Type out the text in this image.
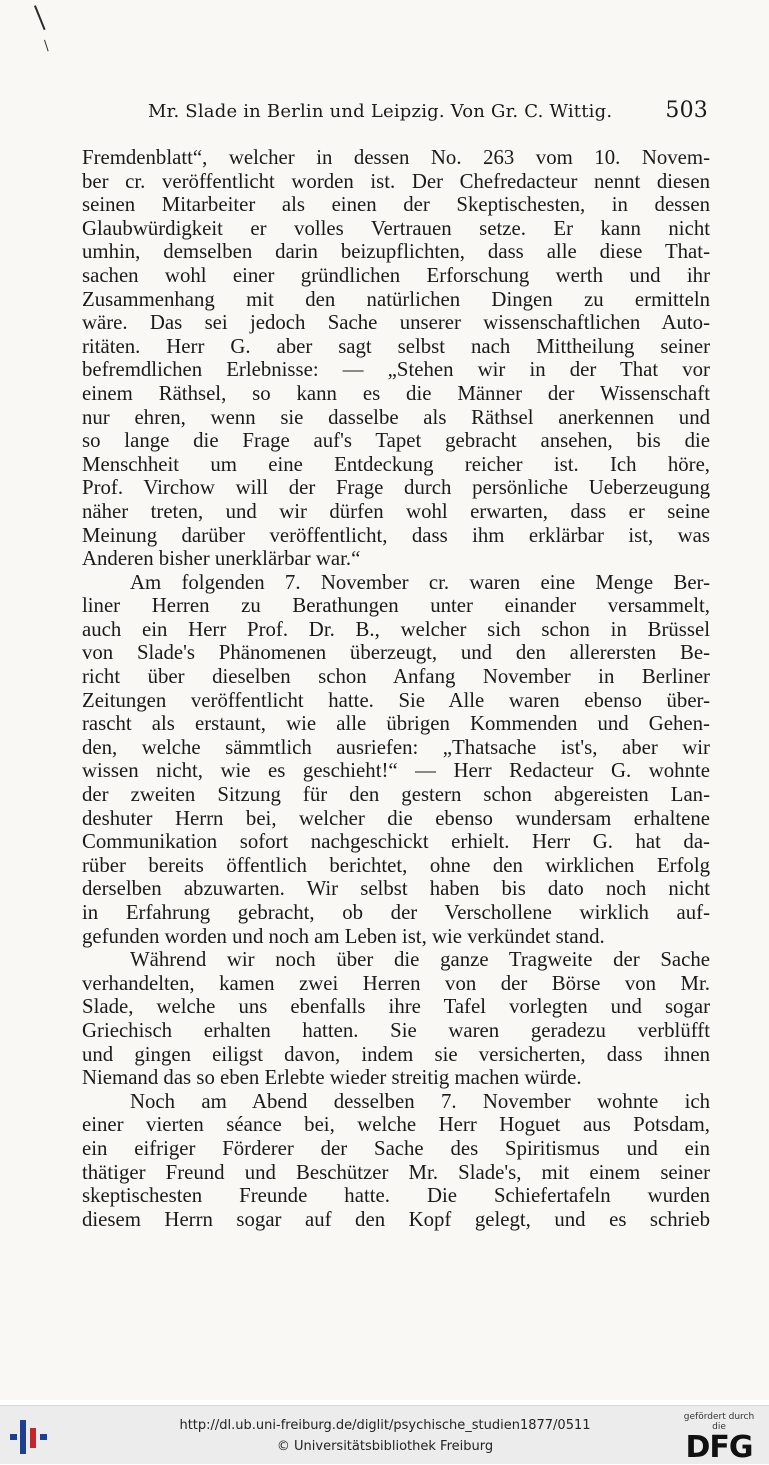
Mr. Slade in Berlin und Leipzig. Von Gr. C. Wittig. 503
Fremdenblatt“, welcher in dessen No. 263 vom 10. Novem-
ber cr. veröffentlicht worden ist. Der Chefredacteur nennt diesen
seinen Mitarbeiter als einen der Skeptischesten, in dessen
Glaubwürdigkeit er volles Vertrauen setze. Er kann nicht
umhin, demselben darin beizupflichten, dass alle diese That-
sachen wohl einer gründlichen Erforschung werth und ihr
Zusammenhang mit den natürlichen Dingen zu ermitteln
wäre. Das sei jedoch Sache unserer wissenschaftlichen Auto-
ritäten. Herr G. aber sagt selbst nach Mittheilung seiner
befremdlichen Erlebnisse: — „Stehen wir in der That vor
einem Räthsel, so kann es die Männer der Wissenschaft
nur ehren, wenn sie dasselbe als Räthsel anerkennen und
so lange die Frage auf's Tapet gebracht ansehen, bis die
Menschheit um eine Entdeckung reicher ist. Ich höre,
Prof. Virchow will der Frage durch persönliche Ueberzeugung
näher treten, und wir dürfen wohl erwarten, dass er seine
Meinung darüber veröffentlicht, dass ihm erklärbar ist, was
Anderen bisher unerklärbar war.“
Am folgenden 7. November cr. waren eine Menge Ber-
liner Herren zu Berathungen unter einander versammelt,
auch ein Herr Prof. Dr. B., welcher sich schon in Brüssel
von Slade's Phänomenen überzeugt, und den allerersten Be-
richt über dieselben schon Anfang November in Berliner
Zeitungen veröffentlicht hatte. Sie Alle waren ebenso über-
rascht als erstaunt, wie alle übrigen Kommenden und Gehen-
den, welche sämmtlich ausriefen: „Thatsache ist's, aber wir
wissen nicht, wie es geschieht!“ — Herr Redacteur G. wohnte
der zweiten Sitzung für den gestern schon abgereisten Lan-
deshuter Herrn bei, welcher die ebenso wundersam erhaltene
Communikation sofort nachgeschickt erhielt. Herr G. hat da-
rüber bereits öffentlich berichtet, ohne den wirklichen Erfolg
derselben abzuwarten. Wir selbst haben bis dato noch nicht
in Erfahrung gebracht, ob der Verschollene wirklich auf-
gefunden worden und noch am Leben ist, wie verkündet stand.
Während wir noch über die ganze Tragweite der Sache
verhandelten, kamen zwei Herren von der Börse von Mr.
Slade, welche uns ebenfalls ihre Tafel vorlegten und sogar
Griechisch erhalten hatten. Sie waren geradezu verblüfft
und gingen eiligst davon, indem sie versicherten, dass ihnen
Niemand das so eben Erlebte wieder streitig machen würde.
Noch am Abend desselben 7. November wohnte ich
einer vierten séance bei, welche Herr Hoguet aus Potsdam,
ein eifriger Förderer der Sache des Spiritismus und ein
thätiger Freund und Beschützer Mr. Slade's, mit einem seiner
skeptischesten Freunde hatte. Die Schiefertafeln wurden
diesem Herrn sogar auf den Kopf gelegt, und es schrieb
http://dl.ub.uni-freiburg.de/diglit/psychische_studien1877/0511
© Universitätsbibliothek Freiburg
gefördert durch die
DFG
